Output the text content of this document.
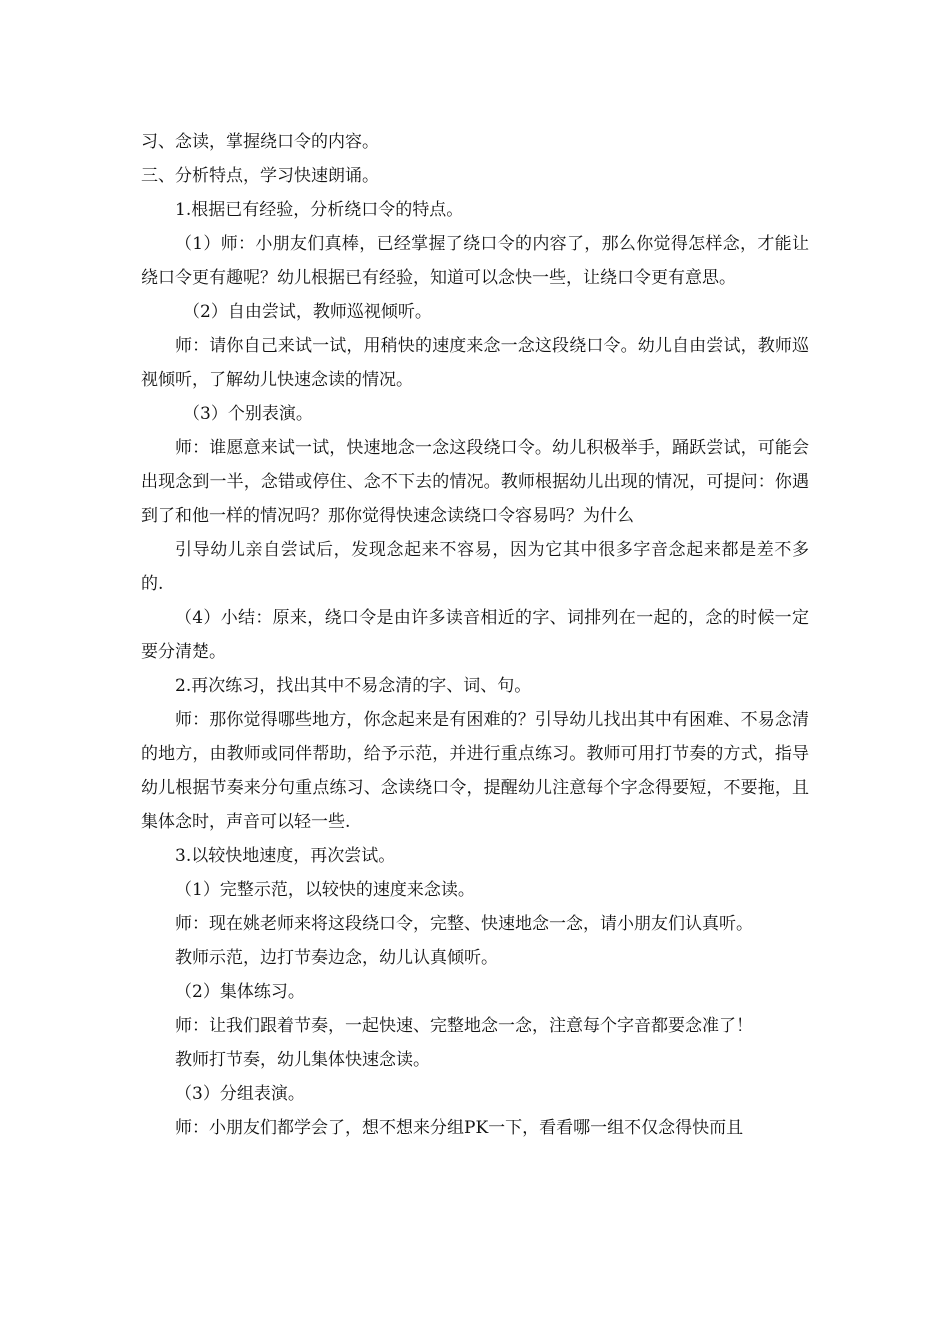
习、念读，掌握绕口令的内容。

三、分析特点，学习快速朗诵。

1.根据已有经验，分析绕口令的特点。

（1）师：小朋友们真棒，已经掌握了绕口令的内容了，那么你觉得怎样念，才能让绕口令更有趣呢？幼儿根据已有经验，知道可以念快一些，让绕口令更有意思。

（2）自由尝试，教师巡视倾听。

师：请你自己来试一试，用稍快的速度来念一念这段绕口令。幼儿自由尝试，教师巡视倾听，了解幼儿快速念读的情况。

（3）个别表演。

师：谁愿意来试一试，快速地念一念这段绕口令。幼儿积极举手，踊跃尝试，可能会出现念到一半，念错或停住、念不下去的情况。教师根据幼儿出现的情况，可提问：你遇到了和他一样的情况吗？那你觉得快速念读绕口令容易吗？为什么

引导幼儿亲自尝试后，发现念起来不容易，因为它其中很多字音念起来都是差不多的.

（4）小结：原来，绕口令是由许多读音相近的字、词排列在一起的，念的时候一定要分清楚。

2.再次练习，找出其中不易念清的字、词、句。

师：那你觉得哪些地方，你念起来是有困难的？引导幼儿找出其中有困难、不易念清的地方，由教师或同伴帮助，给予示范，并进行重点练习。教师可用打节奏的方式，指导幼儿根据节奏来分句重点练习、念读绕口令，提醒幼儿注意每个字念得要短，不要拖，且集体念时，声音可以轻一些.

3.以较快地速度，再次尝试。

（1）完整示范，以较快的速度来念读。

师：现在姚老师来将这段绕口令，完整、快速地念一念，请小朋友们认真听。

教师示范，边打节奏边念，幼儿认真倾听。

（2）集体练习。

师：让我们跟着节奏，一起快速、完整地念一念，注意每个字音都要念准了！

教师打节奏，幼儿集体快速念读。

（3）分组表演。

师：小朋友们都学会了，想不想来分组PK一下，看看哪一组不仅念得快而且
